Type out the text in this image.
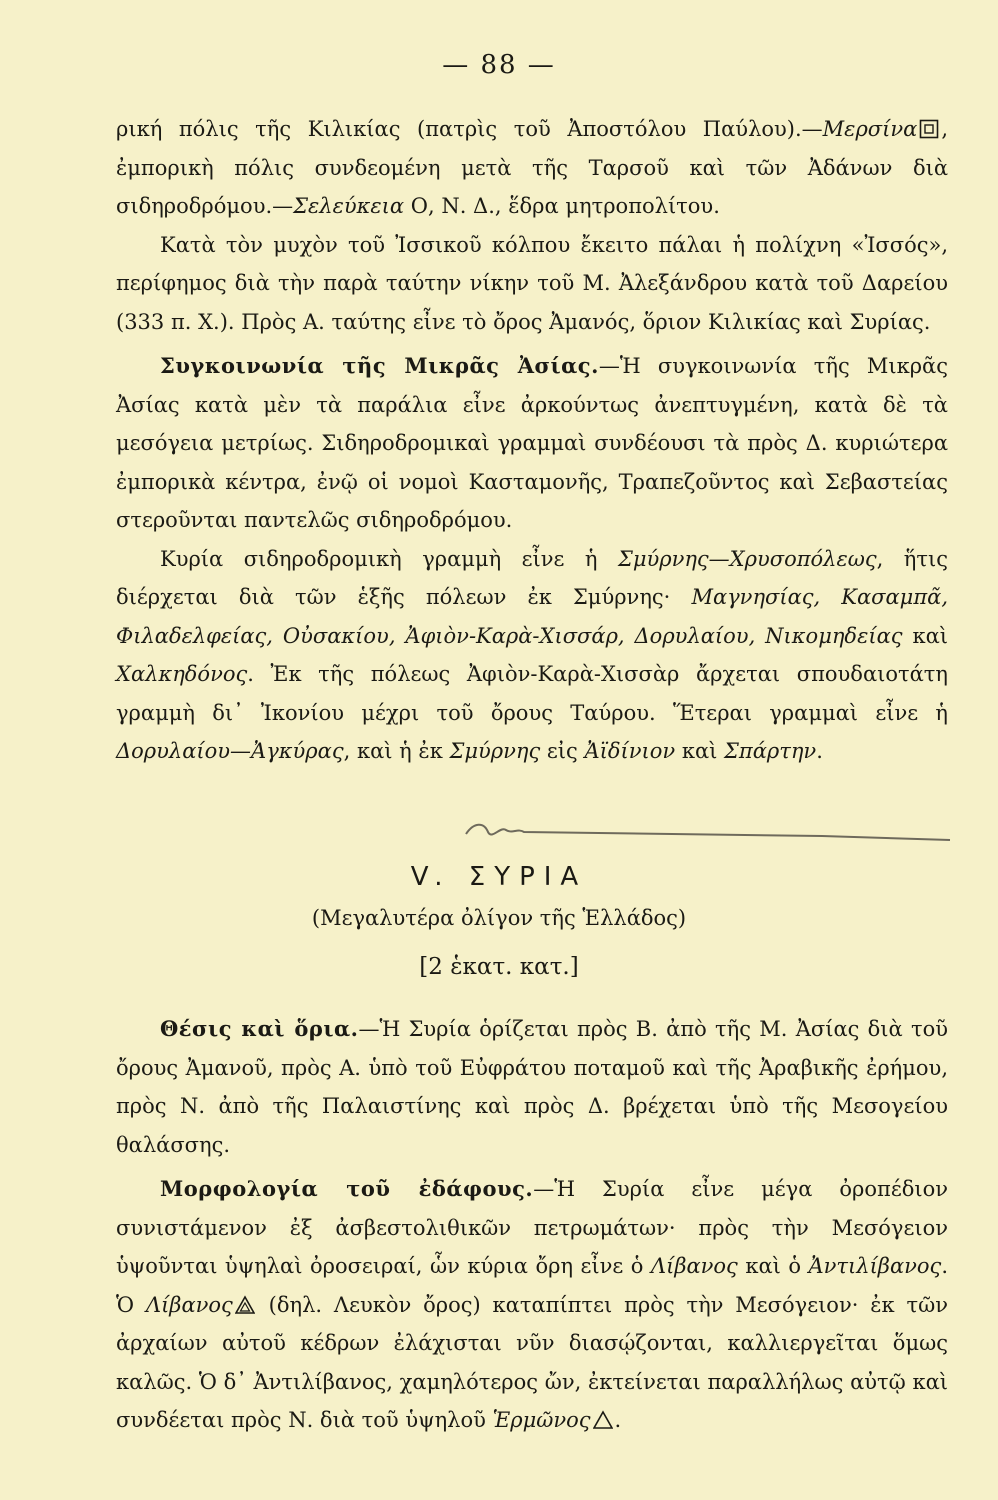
— 88 —

ρική πόλις τῆς Κιλικίας (πατρὶς τοῦ Ἀποστόλου Παύλου).—Μερσίνα , ἐμπορικὴ πόλις συνδεομένη μετὰ τῆς Ταρσοῦ καὶ τῶν Ἀδάνων διὰ σιδηροδρόμου.—Σελεύκεια Ο, Ν. Δ., ἕδρα μητροπολίτου.

Κατὰ τὸν μυχὸν τοῦ Ἰσσικοῦ κόλπου ἔκειτο πάλαι ἡ πολίχνη «Ἰσσός», περίφημος διὰ τὴν παρὰ ταύτην νίκην τοῦ Μ. Ἀλεξάνδρου κατὰ τοῦ Δαρείου (333 π. Χ.). Πρὸς Α. ταύτης εἶνε τὸ ὄρος Ἀμανός, ὅριον Κιλικίας καὶ Συρίας.

Συγκοινωνία τῆς Μικρᾶς Ἀσίας.—Ἡ συγκοινωνία τῆς Μικρᾶς Ἀσίας κατὰ μὲν τὰ παράλια εἶνε ἀρκούντως ἀνεπτυγμένη, κατὰ δὲ τὰ μεσόγεια μετρίως. Σιδηροδρομικαὶ γραμμαὶ συνδέουσι τὰ πρὸς Δ. κυριώτερα ἐμπορικὰ κέντρα, ἐνῷ οἱ νομοὶ Κασταμονῆς, Τραπεζοῦντος καὶ Σεβαστείας στεροῦνται παντελῶς σιδηροδρόμου.

Κυρία σιδηροδρομικὴ γραμμὴ εἶνε ἡ Σμύρνης—Χρυσοπόλεως, ἥτις διέρχεται διὰ τῶν ἑξῆς πόλεων ἐκ Σμύρνης· Μαγνησίας, Κασαμπᾶ, Φιλαδελφείας, Οὐσακίου, Ἀφιὸν-Καρὰ-Χισσάρ, Δορυλαίου, Νικομηδείας καὶ Χαλκηδόνος. Ἐκ τῆς πόλεως Ἀφιὸν-Καρὰ-Χισσὰρ ἄρχεται σπουδαιοτάτη γραμμὴ δι᾽ Ἰκονίου μέχρι τοῦ ὄρους Ταύρου. Ἕτεραι γραμμαὶ εἶνε ἡ Δορυλαίου—Ἀγκύρας, καὶ ἡ ἐκ Σμύρνης εἰς Ἀϊδίνιον καὶ Σπάρτην.

V. ΣΥΡΙΑ
(Μεγαλυτέρα ὀλίγον τῆς Ἑλλάδος)
[2 ἑκατ. κατ.]

Θέσις καὶ ὅρια.—Ἡ Συρία ὁρίζεται πρὸς Β. ἀπὸ τῆς Μ. Ἀσίας διὰ τοῦ ὄρους Ἀμανοῦ, πρὸς Α. ὑπὸ τοῦ Εὐφράτου ποταμοῦ καὶ τῆς Ἀραβικῆς ἐρήμου, πρὸς Ν. ἀπὸ τῆς Παλαιστίνης καὶ πρὸς Δ. βρέχεται ὑπὸ τῆς Μεσογείου θαλάσσης.

Μορφολογία τοῦ ἐδάφους.—Ἡ Συρία εἶνε μέγα ὀροπέδιον συνιστάμενον ἐξ ἀσβεστολιθικῶν πετρωμάτων· πρὸς τὴν Μεσόγειον ὑψοῦνται ὑψηλαὶ ὀροσειραί, ὧν κύρια ὄρη εἶνε ὁ Λίβανος καὶ ὁ Ἀντιλίβανος. Ὁ Λίβανος (δηλ. Λευκὸν ὄρος) καταπίπτει πρὸς τὴν Μεσόγειον· ἐκ τῶν ἀρχαίων αὐτοῦ κέδρων ἐλάχισται νῦν διασῴζονται, καλλιεργεῖται ὅμως καλῶς. Ὁ δ᾽ Ἀντιλίβανος, χαμηλότερος ὤν, ἐκτείνεται παραλλήλως αὐτῷ καὶ συνδέεται πρὸς Ν. διὰ τοῦ ὑψηλοῦ Ἑρμῶνος .
